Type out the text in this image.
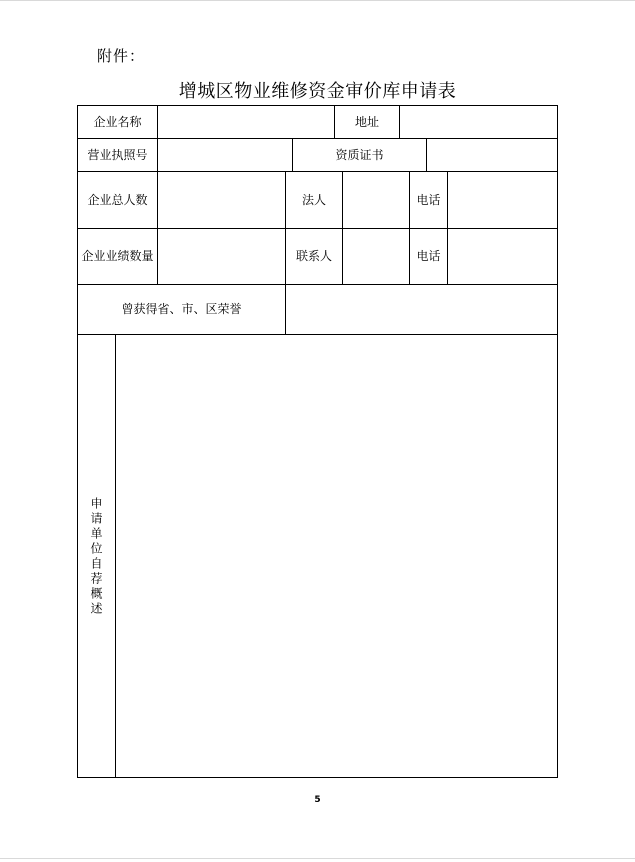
附件：
增城区物业维修资金审价库申请表
企业名称	地址
营业执照号	资质证书
企业总人数	法人	电话
企业业绩数量	联系人	电话
曾获得省、市、区荣誉
申请单位自荐概述
5
